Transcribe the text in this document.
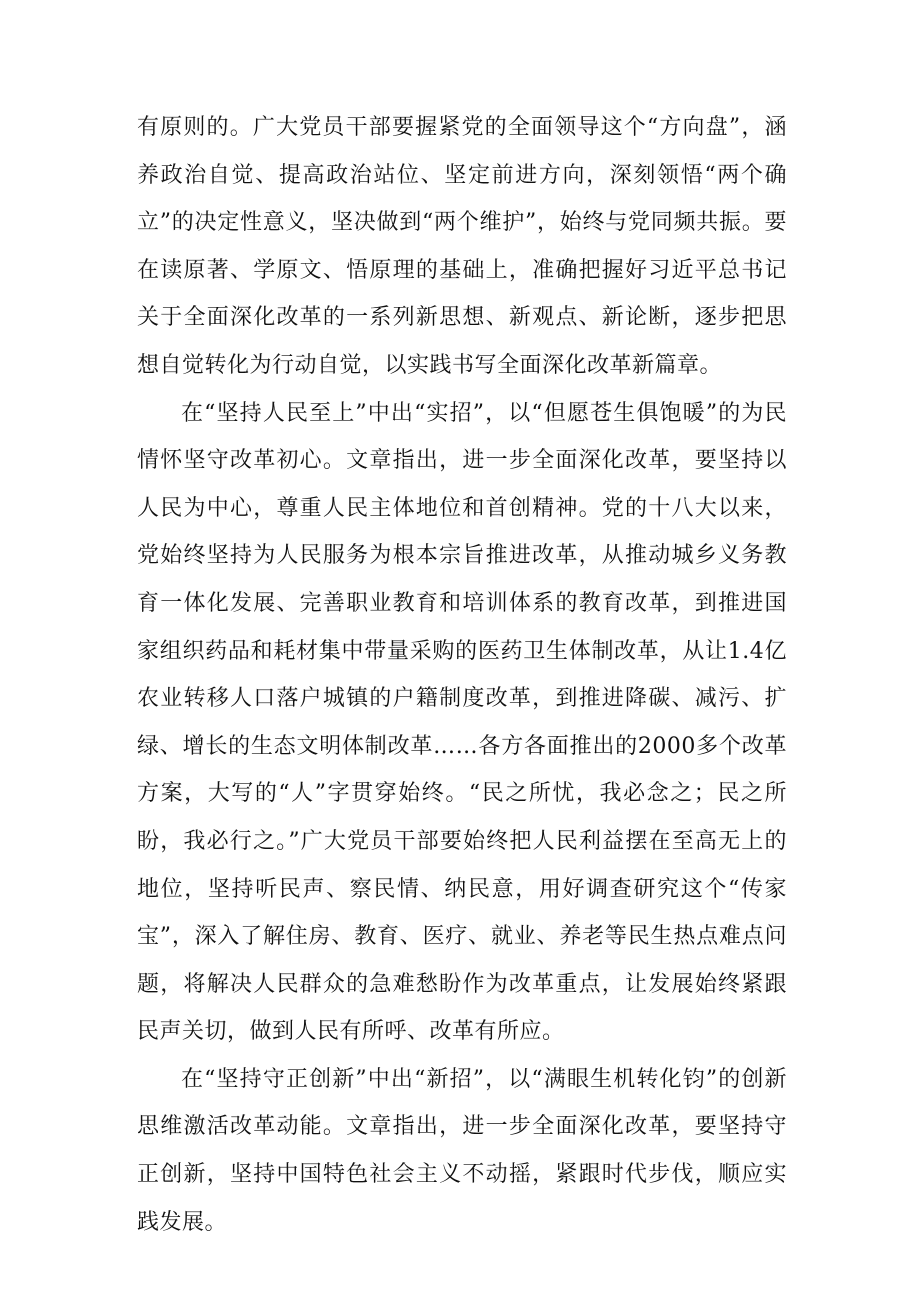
有原则的。广大党员干部要握紧党的全面领导这个“方向盘”，涵养政治自觉、提高政治站位、坚定前进方向，深刻领悟“两个确立”的决定性意义，坚决做到“两个维护”，始终与党同频共振。要在读原著、学原文、悟原理的基础上，准确把握好习近平总书记关于全面深化改革的一系列新思想、新观点、新论断，逐步把思想自觉转化为行动自觉，以实践书写全面深化改革新篇章。

在“坚持人民至上”中出“实招”，以“但愿苍生俱饱暖”的为民情怀坚守改革初心。文章指出，进一步全面深化改革，要坚持以人民为中心，尊重人民主体地位和首创精神。党的十八大以来，党始终坚持为人民服务为根本宗旨推进改革，从推动城乡义务教育一体化发展、完善职业教育和培训体系的教育改革，到推进国家组织药品和耗材集中带量采购的医药卫生体制改革，从让1.4亿农业转移人口落户城镇的户籍制度改革，到推进降碳、减污、扩绿、增长的生态文明体制改革……各方各面推出的2000多个改革方案，大写的“人”字贯穿始终。“民之所忧，我必念之；民之所盼，我必行之。”广大党员干部要始终把人民利益摆在至高无上的地位，坚持听民声、察民情、纳民意，用好调查研究这个“传家宝”，深入了解住房、教育、医疗、就业、养老等民生热点难点问题，将解决人民群众的急难愁盼作为改革重点，让发展始终紧跟民声关切，做到人民有所呼、改革有所应。

在“坚持守正创新”中出“新招”，以“满眼生机转化钧”的创新思维激活改革动能。文章指出，进一步全面深化改革，要坚持守正创新，坚持中国特色社会主义不动摇，紧跟时代步伐，顺应实践发展。
